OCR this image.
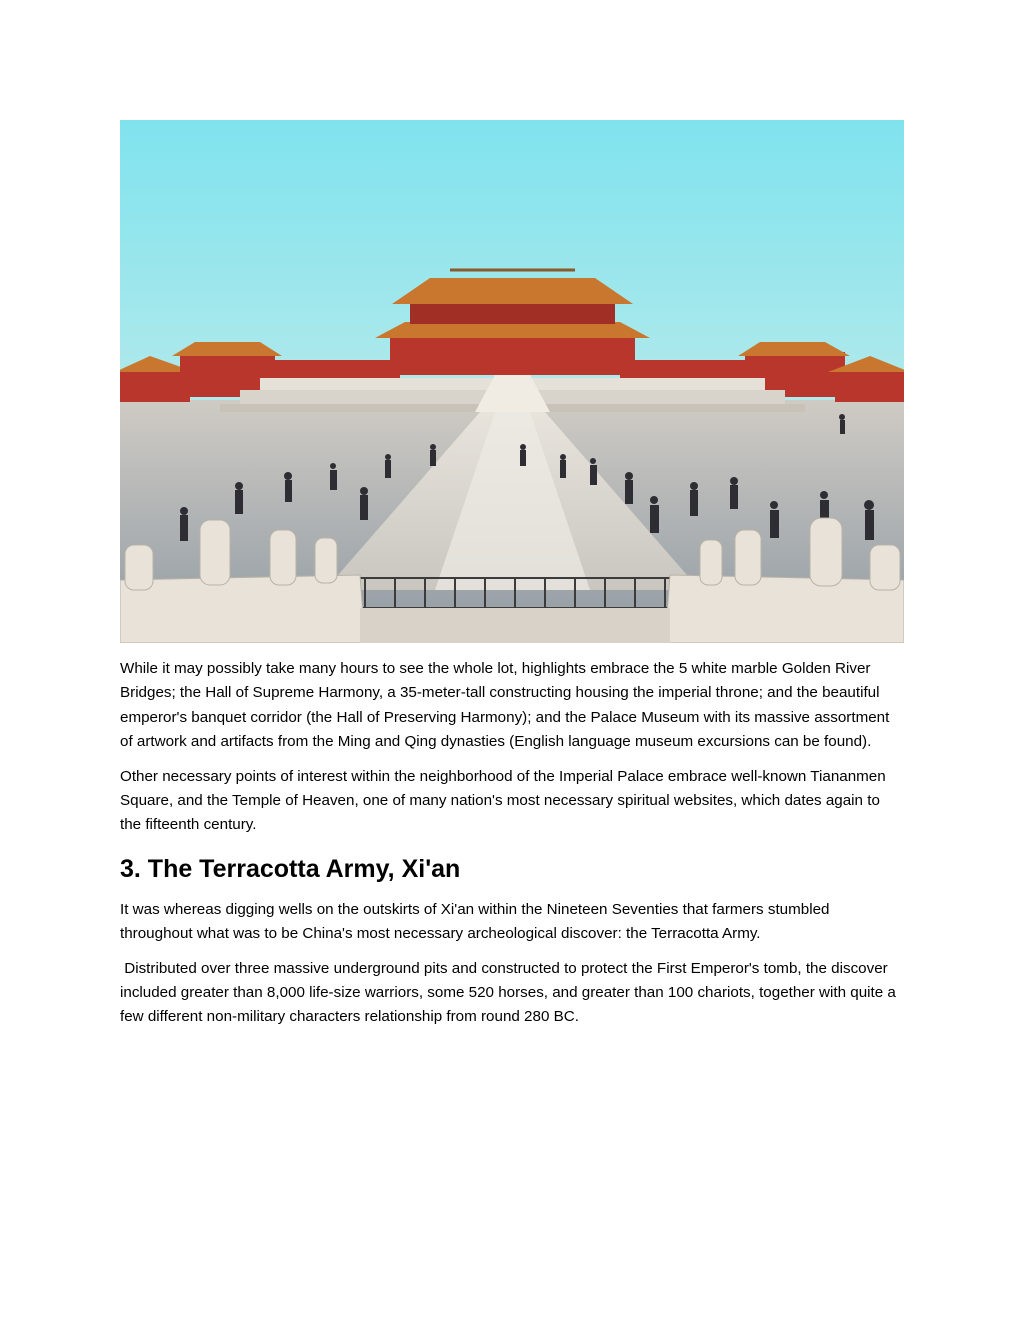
While it may possibly take many hours to see the whole lot, highlights embrace the 5 white marble Golden River Bridges; the Hall of Supreme Harmony, a 35-meter-tall constructing housing the imperial throne; and the beautiful emperor's banquet corridor (the Hall of Preserving Harmony); and the Palace Museum with its massive assortment of artwork and artifacts from the Ming and Qing dynasties (English language museum excursions can be found).

Other necessary points of interest within the neighborhood of the Imperial Palace embrace well-known Tiananmen Square, and the Temple of Heaven, one of many nation's most necessary spiritual websites, which dates again to the fifteenth century.

3. The Terracotta Army, Xi'an

It was whereas digging wells on the outskirts of Xi'an within the Nineteen Seventies that farmers stumbled throughout what was to be China's most necessary archeological discover: the Terracotta Army.

Distributed over three massive underground pits and constructed to protect the First Emperor's tomb, the discover included greater than 8,000 life-size warriors, some 520 horses, and greater than 100 chariots, together with quite a few different non-military characters relationship from round 280 BC.
